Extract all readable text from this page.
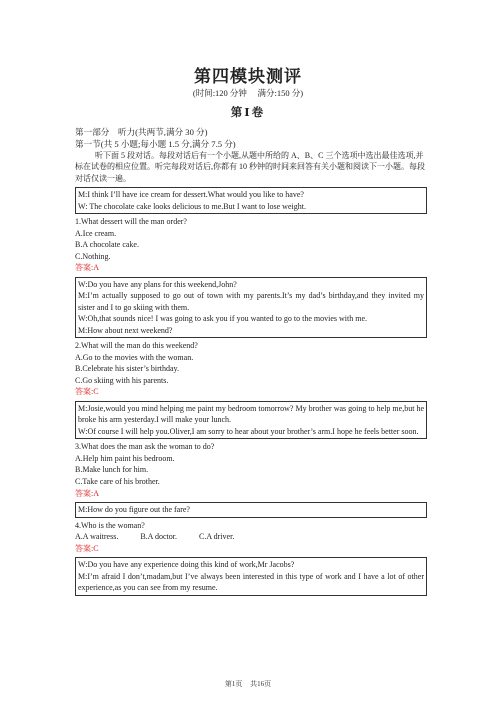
第四模块测评
(时间:120 分钟　 满分:150 分)
第Ⅰ卷
第一部分　听力(共两节,满分 30 分)
第一节(共 5 小题;每小题 1.5 分,满分 7.5 分)
听下面 5 段对话。每段对话后有一个小题,从题中所给的 A、B、C 三个选项中选出最佳选项,并标在试卷的相应位置。听完每段对话后,你都有 10 秒钟的时间来回答有关小题和阅读下一小题。每段对话仅读一遍。

M:I think I’ll have ice cream for dessert.What would you like to have?

W: The chocolate cake looks delicious to me.But I want to lose weight.

1.What dessert will the man order?

A.Ice cream.

B.A chocolate cake.

C.Nothing.

答案:A

W:Do you have any plans for this weekend,John?

M:I’m actually supposed to go out of town with my parents.It’s my dad’s birthday,and they invited my sister and I to go skiing with them.

W:Oh,that sounds nice! I was going to ask you if you wanted to go to the movies with me.

M:How about next weekend?

2.What will the man do this weekend?

A.Go to the movies with the woman.

B.Celebrate his sister’s birthday.

C.Go skiing with his parents.

答案:C

M:Josie,would you mind helping me paint my bedroom tomorrow? My brother was going to help me,but he broke his arm yesterday.I will make your lunch.

W:Of course I will help you.Oliver,I am sorry to hear about your brother’s arm.I hope he feels better soon.

3.What does the man ask the woman to do?

A.Help him paint his bedroom.

B.Make lunch for him.

C.Take care of his brother.

答案:A

M:How do you figure out the fare?

4.Who is the woman?

A.A waitress.	B.A doctor.	C.A driver.

答案:C

W:Do you have any experience doing this kind of work,Mr Jacobs?

M:I’m afraid I don’t,madam,but I’ve always been interested in this type of work and I have a lot of other experience,as you can see from my resume.

第1页 共16页
